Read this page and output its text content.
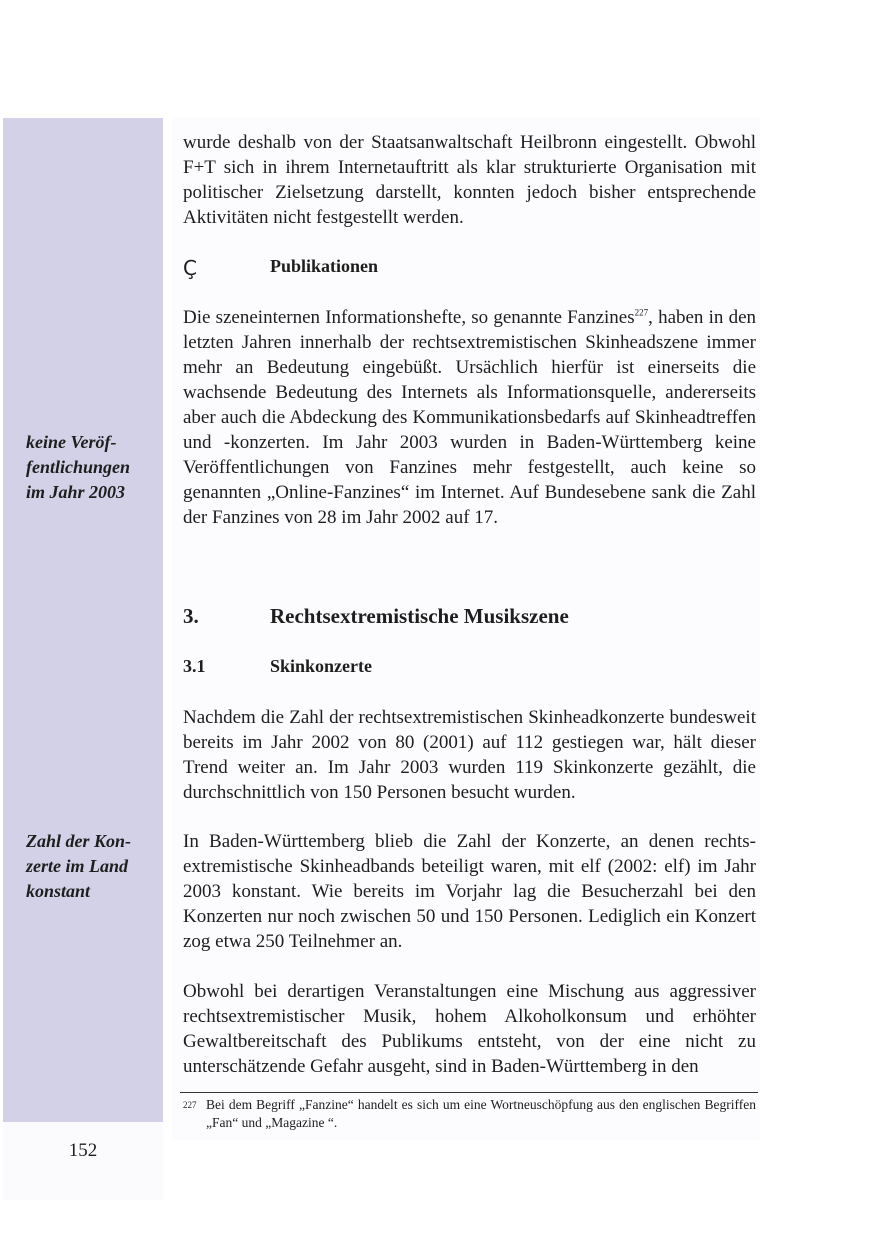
152
keine Veröf-
fentlichungen
im Jahr 2003
Zahl der Kon-
zerte im Land
konstant

wurde deshalb von der Staatsanwaltschaft Heilbronn eingestellt. Obwohl F+T sich in ihrem Internetauftritt als klar strukturierte Organisation mit politischer Zielsetzung darstellt, konnten jedoch bisher entsprechende Aktivitäten nicht festgestellt werden.

Ç	Publikationen

Die szeneinternen Informationshefte, so genannte Fanzines$^{227}$, haben in den letzten Jahren innerhalb der rechtsextremistischen Skinheadszene immer mehr an Bedeutung eingebüßt. Ursächlich hierfür ist einerseits die wachsende Bedeutung des Internets als Informationsquelle, andererseits aber auch die Abdeckung des Kommunikationsbedarfs auf Skinheadtreffen und -konzerten. Im Jahr 2003 wurden in Baden-Württemberg keine Veröffentlichungen von Fanzines mehr festgestellt, auch keine so genannten „Online-Fanzines“ im Internet. Auf Bundesebene sank die Zahl der Fanzines von 28 im Jahr 2002 auf 17.

3.	Rechtsextremistische Musikszene
3.1	Skinkonzerte

Nachdem die Zahl der rechtsextremistischen Skinheadkonzerte bundesweit bereits im Jahr 2002 von 80 (2001) auf 112 gestiegen war, hält dieser Trend weiter an. Im Jahr 2003 wurden 119 Skinkonzerte gezählt, die durchschnittlich von 150 Personen besucht wurden.

In Baden-Württemberg blieb die Zahl der Konzerte, an denen rechtsextremistische Skinheadbands beteiligt waren, mit elf (2002: elf) im Jahr 2003 konstant. Wie bereits im Vorjahr lag die Besucherzahl bei den Konzerten nur noch zwischen 50 und 150 Personen. Lediglich ein Konzert zog etwa 250 Teilnehmer an.

Obwohl bei derartigen Veranstaltungen eine Mischung aus aggressiver rechtsextremistischer Musik, hohem Alkoholkonsum und erhöhter Gewaltbereitschaft des Publikums entsteht, von der eine nicht zu unterschätzende Gefahr ausgeht, sind in Baden-Württemberg in den

227 Bei dem Begriff „Fanzine“ handelt es sich um eine Wortneuschöpfung aus den englischen Begriffen „Fan“ und „Magazine “.
